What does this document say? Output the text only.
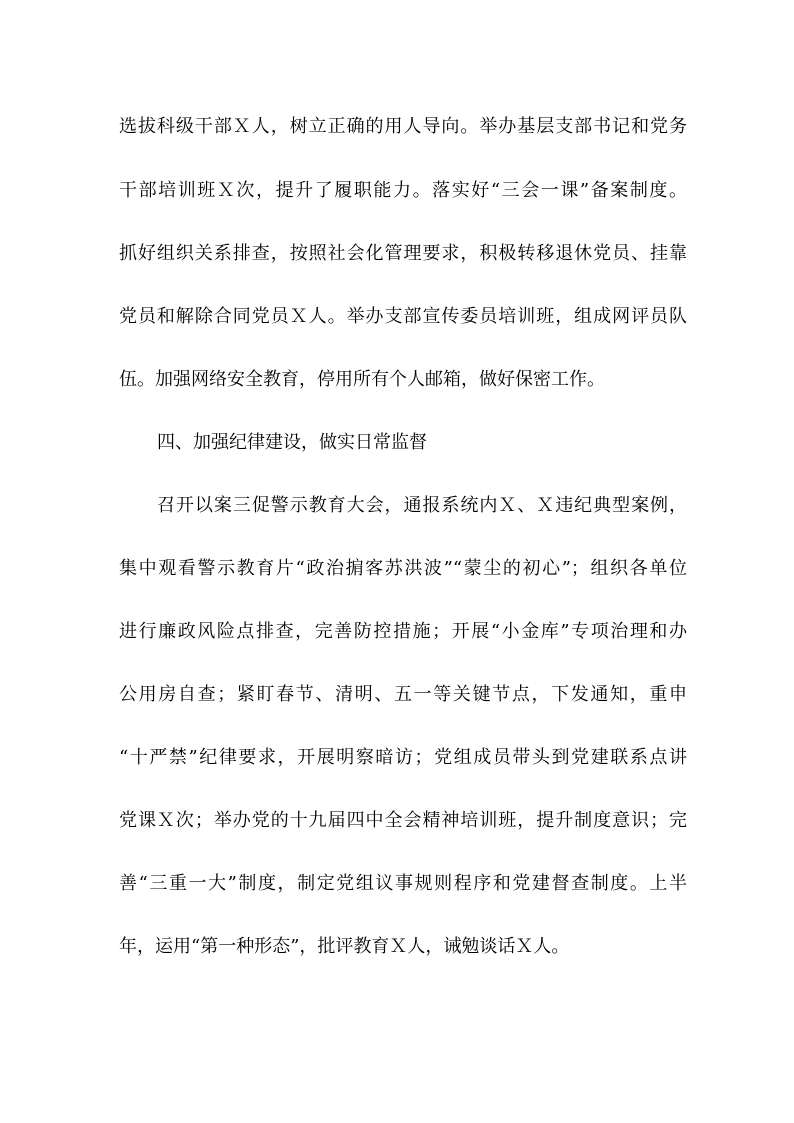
选拔科级干部Ｘ人，树立正确的用人导向。举办基层支部书记和党务
干部培训班Ｘ次，提升了履职能力。落实好“三会一课”备案制度。
抓好组织关系排查，按照社会化管理要求，积极转移退休党员、挂靠
党员和解除合同党员Ｘ人。举办支部宣传委员培训班，组成网评员队
伍。加强网络安全教育，停用所有个人邮箱，做好保密工作。
四、加强纪律建设，做实日常监督
召开以案三促警示教育大会，通报系统内Ｘ、Ｘ违纪典型案例，
集中观看警示教育片“政治掮客苏洪波”“蒙尘的初心”；组织各单位
进行廉政风险点排查，完善防控措施；开展“小金库”专项治理和办
公用房自查；紧盯春节、清明、五一等关键节点，下发通知，重申
“十严禁”纪律要求，开展明察暗访；党组成员带头到党建联系点讲
党课Ｘ次；举办党的十九届四中全会精神培训班，提升制度意识；完
善“三重一大”制度，制定党组议事规则程序和党建督查制度。上半
年，运用“第一种形态”，批评教育Ｘ人，诫勉谈话Ｘ人。
